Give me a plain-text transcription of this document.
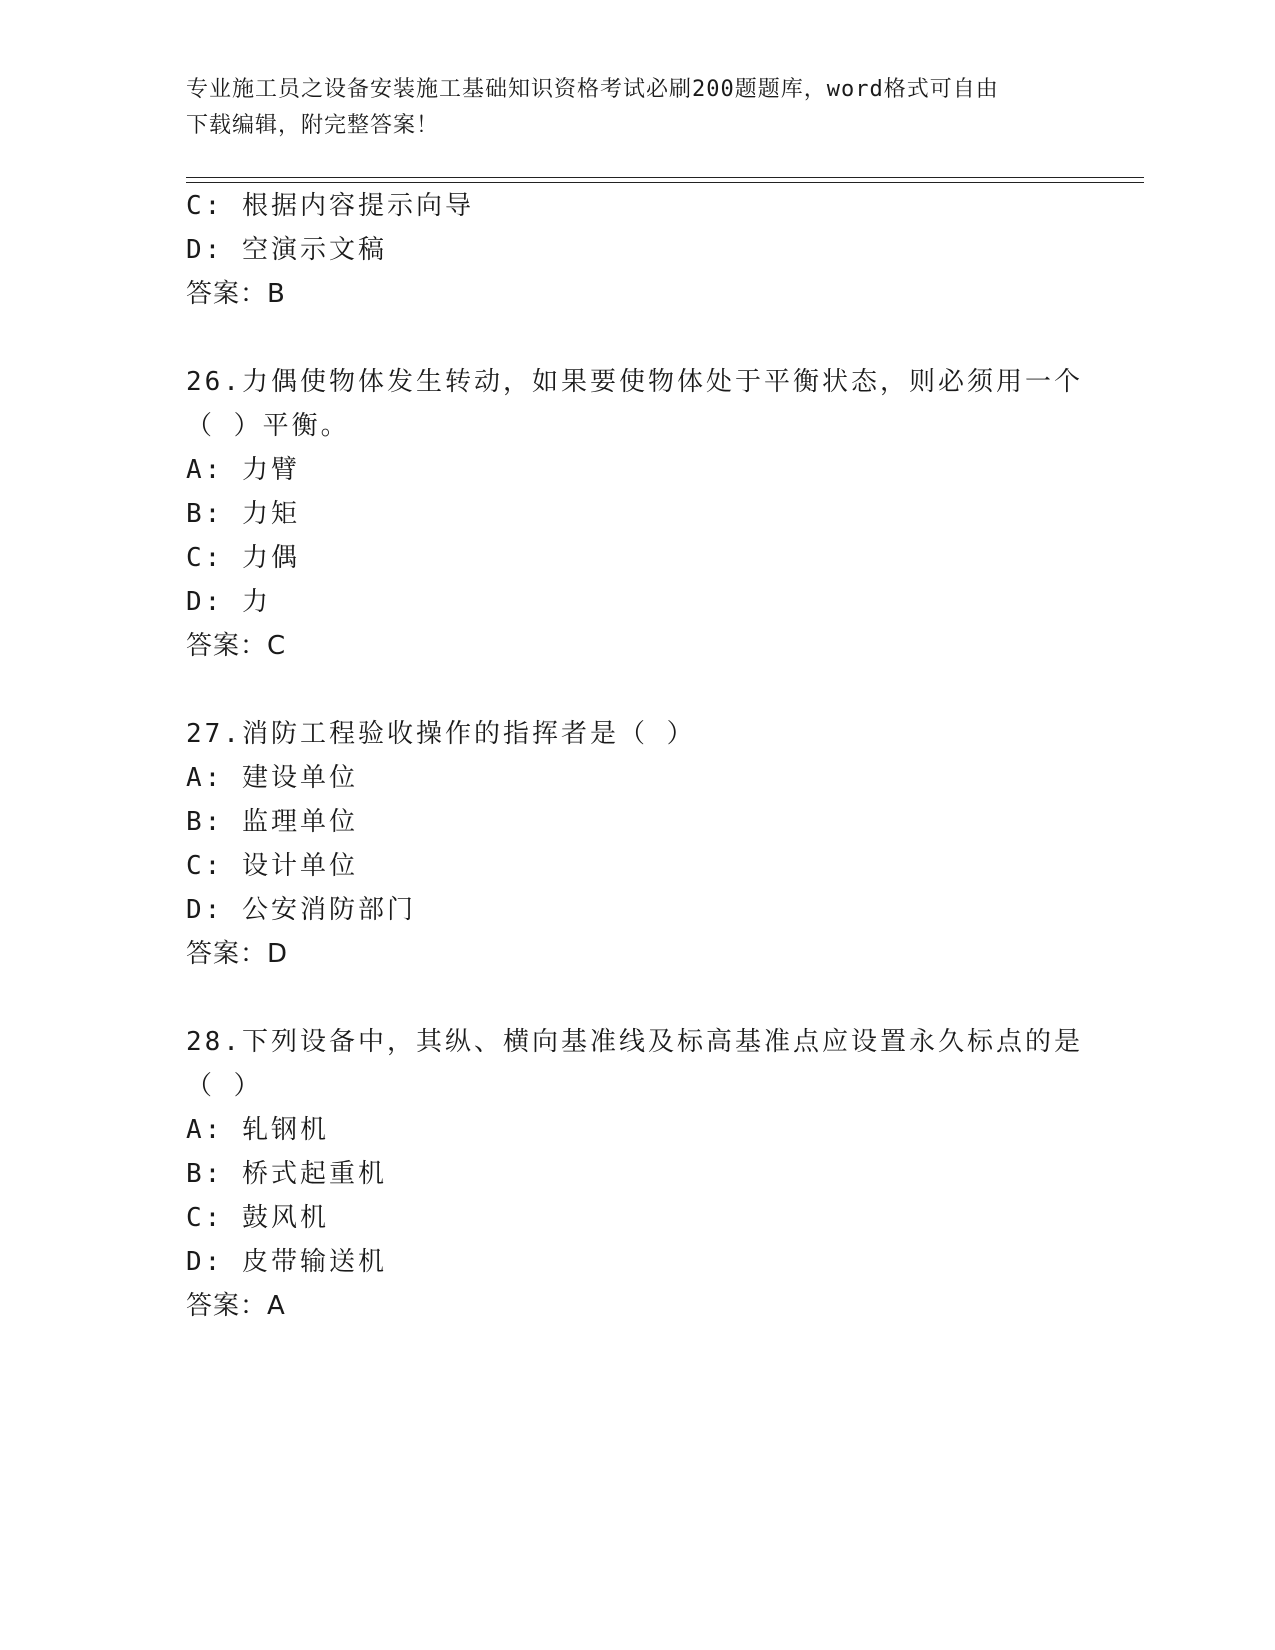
专业施工员之设备安装施工基础知识资格考试必刷200题题库，word格式可自由
下载编辑，附完整答案！
C: 根据内容提示向导
D: 空演示文稿
答案：B
26.力偶使物体发生转动，如果要使物体处于平衡状态，则必须用一个
（ ）平衡。
A: 力臂
B: 力矩
C: 力偶
D: 力
答案：C
27.消防工程验收操作的指挥者是（ ）
A: 建设单位
B: 监理单位
C: 设计单位
D: 公安消防部门
答案：D
28.下列设备中，其纵、横向基准线及标高基准点应设置永久标点的是
（ ）
A: 轧钢机
B: 桥式起重机
C: 鼓风机
D: 皮带输送机
答案：A
